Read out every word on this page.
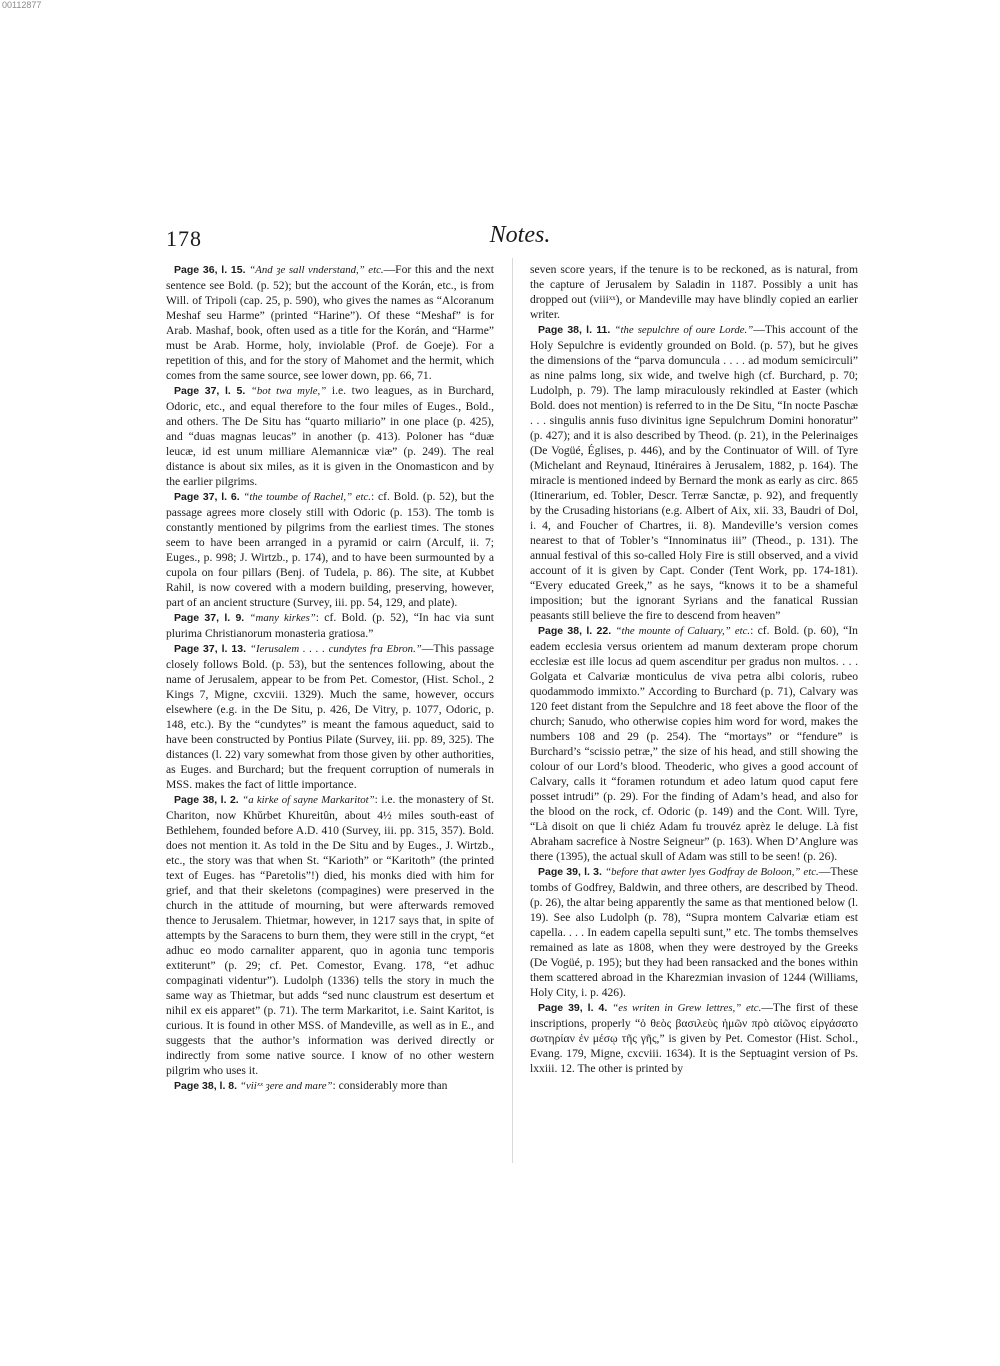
00112877
178	Notes.

Page 36, l. 15. “And ȝe sall vnderstand,” etc.—For this and the next sentence see Bold. (p. 52); but the account of the Korán, etc., is from Will. of Tripoli (cap. 25, p. 590), who gives the names as “Alcoranum Meshaf seu Harme” (printed “Harine”). Of these “Meshaf” is for Arab. Mashaf, book, often used as a title for the Korán, and “Harme” must be Arab. Horme, holy, inviolable (Prof. de Goeje). For a repetition of this, and for the story of Mahomet and the hermit, which comes from the same source, see lower down, pp. 66, 71.

Page 37, l. 5. “bot twa myle,” i.e. two leagues, as in Burchard, Odoric, etc., and equal therefore to the four miles of Euges., Bold., and others. The De Situ has “quarto miliario” in one place (p. 425), and “duas magnas leucas” in another (p. 413). Poloner has “duæ leucæ, id est unum milliare Alemannicæ viæ” (p. 249). The real distance is about six miles, as it is given in the Onomasticon and by the earlier pilgrims.

Page 37, l. 6. “the toumbe of Rachel,” etc.: cf. Bold. (p. 52), but the passage agrees more closely still with Odoric (p. 153). The tomb is constantly mentioned by pilgrims from the earliest times. The stones seem to have been arranged in a pyramid or cairn (Arculf, ii. 7; Euges., p. 998; J. Wirtzb., p. 174), and to have been surmounted by a cupola on four pillars (Benj. of Tudela, p. 86). The site, at Kubbet Rahil, is now covered with a modern building, preserving, however, part of an ancient structure (Survey, iii. pp. 54, 129, and plate).

Page 37, l. 9. “many kirkes”: cf. Bold. (p. 52), “In hac via sunt plurima Christianorum monasteria gratiosa.”

Page 37, l. 13. “Ierusalem . . . . cundytes fra Ebron.”—This passage closely follows Bold. (p. 53), but the sentences following, about the name of Jerusalem, appear to be from Pet. Comestor, (Hist. Schol., 2 Kings 7, Migne, cxcviii. 1329). Much the same, however, occurs elsewhere (e.g. in the De Situ, p. 426, De Vitry, p. 1077, Odoric, p. 148, etc.). By the “cundytes” is meant the famous aqueduct, said to have been constructed by Pontius Pilate (Survey, iii. pp. 89, 325). The distances (l. 22) vary somewhat from those given by other authorities, as Euges. and Burchard; but the frequent corruption of numerals in MSS. makes the fact of little importance.

Page 38, l. 2. “a kirke of sayne Markaritot”: i.e. the monastery of St. Chariton, now Khŭrbet Khureitûn, about 4½ miles south-east of Bethlehem, founded before A.D. 410 (Survey, iii. pp. 315, 357). Bold. does not mention it. As told in the De Situ and by Euges., J. Wirtzb., etc., the story was that when St. “Karioth” or “Karitoth” (the printed text of Euges. has “Paretolis”!) died, his monks died with him for grief, and that their skeletons (compagines) were preserved in the church in the attitude of mourning, but were afterwards removed thence to Jerusalem. Thietmar, however, in 1217 says that, in spite of attempts by the Saracens to burn them, they were still in the crypt, “et adhuc eo modo carnaliter apparent, quo in agonia tunc temporis extiterunt” (p. 29; cf. Pet. Comestor, Evang. 178, “et adhuc compaginati videntur”). Ludolph (1336) tells the story in much the same way as Thietmar, but adds “sed nunc claustrum est desertum et nihil ex eis apparet” (p. 71). The term Markaritot, i.e. Saint Karitot, is curious. It is found in other MSS. of Mandeville, as well as in E., and suggests that the author’s information was derived directly or indirectly from some native source. I know of no other western pilgrim who uses it.

Page 38, l. 8. “viiˣˣ ȝere and mare”: considerably more than

seven score years, if the tenure is to be reckoned, as is natural, from the capture of Jerusalem by Saladin in 1187. Possibly a unit has dropped out (viiiˣˣ), or Mandeville may have blindly copied an earlier writer.

Page 38, l. 11. “the sepulchre of oure Lorde.”—This account of the Holy Sepulchre is evidently grounded on Bold. (p. 57), but he gives the dimensions of the “parva domuncula . . . . ad modum semicirculi” as nine palms long, six wide, and twelve high (cf. Burchard, p. 70; Ludolph, p. 79). The lamp miraculously rekindled at Easter (which Bold. does not mention) is referred to in the De Situ, “In nocte Paschæ . . . singulis annis fuso divinitus igne Sepulchrum Domini honoratur” (p. 427); and it is also described by Theod. (p. 21), in the Pelerinaiges (De Vogüé, Églises, p. 446), and by the Continuator of Will. of Tyre (Michelant and Reynaud, Itinéraires à Jerusalem, 1882, p. 164). The miracle is mentioned indeed by Bernard the monk as early as circ. 865 (Itinerarium, ed. Tobler, Descr. Terræ Sanctæ, p. 92), and frequently by the Crusading historians (e.g. Albert of Aix, xii. 33, Baudri of Dol, i. 4, and Foucher of Chartres, ii. 8). Mandeville’s version comes nearest to that of Tobler’s “Innominatus iii” (Theod., p. 131). The annual festival of this so-called Holy Fire is still observed, and a vivid account of it is given by Capt. Conder (Tent Work, pp. 174-181). “Every educated Greek,” as he says, “knows it to be a shameful imposition; but the ignorant Syrians and the fanatical Russian peasants still believe the fire to descend from heaven”

Page 38, l. 22. “the mounte of Caluary,” etc.: cf. Bold. (p. 60), “In eadem ecclesia versus orientem ad manum dexteram prope chorum ecclesiæ est ille locus ad quem ascenditur per gradus non multos. . . . Golgata et Calvariæ monticulus de viva petra albi coloris, rubeo quodammodo immixto.” According to Burchard (p. 71), Calvary was 120 feet distant from the Sepulchre and 18 feet above the floor of the church; Sanudo, who otherwise copies him word for word, makes the numbers 108 and 29 (p. 254). The “mortays” or “fendure” is Burchard’s “scissio petræ,” the size of his head, and still showing the colour of our Lord’s blood. Theoderic, who gives a good account of Calvary, calls it “foramen rotundum et adeo latum quod caput fere posset intrudi” (p. 29). For the finding of Adam’s head, and also for the blood on the rock, cf. Odoric (p. 149) and the Cont. Will. Tyre, “Là disoit on que li chiéz Adam fu trouvéz aprèz le deluge. Là fist Abraham sacrefice à Nostre Seigneur” (p. 163). When D’Anglure was there (1395), the actual skull of Adam was still to be seen! (p. 26).

Page 39, l. 3. “before that awter lyes Godfray de Boloon,” etc.—These tombs of Godfrey, Baldwin, and three others, are described by Theod. (p. 26), the altar being apparently the same as that mentioned below (l. 19). See also Ludolph (p. 78), “Supra montem Calvariæ etiam est capella. . . . In eadem capella sepulti sunt,” etc. The tombs themselves remained as late as 1808, when they were destroyed by the Greeks (De Vogüé, p. 195); but they had been ransacked and the bones within them scattered abroad in the Kharezmian invasion of 1244 (Williams, Holy City, i. p. 426).

Page 39, l. 4. “es writen in Grew lettres,” etc.—The first of these inscriptions, properly “ὁ θεὸς βασιλεὺς ἡμῶν πρὸ αἰῶνος εἰργάσατο σωτηρίαν ἐν μέσῳ τῆς γῆς,” is given by Pet. Comestor (Hist. Schol., Evang. 179, Migne, cxcviii. 1634). It is the Septuagint version of Ps. lxxiii. 12. The other is printed by
